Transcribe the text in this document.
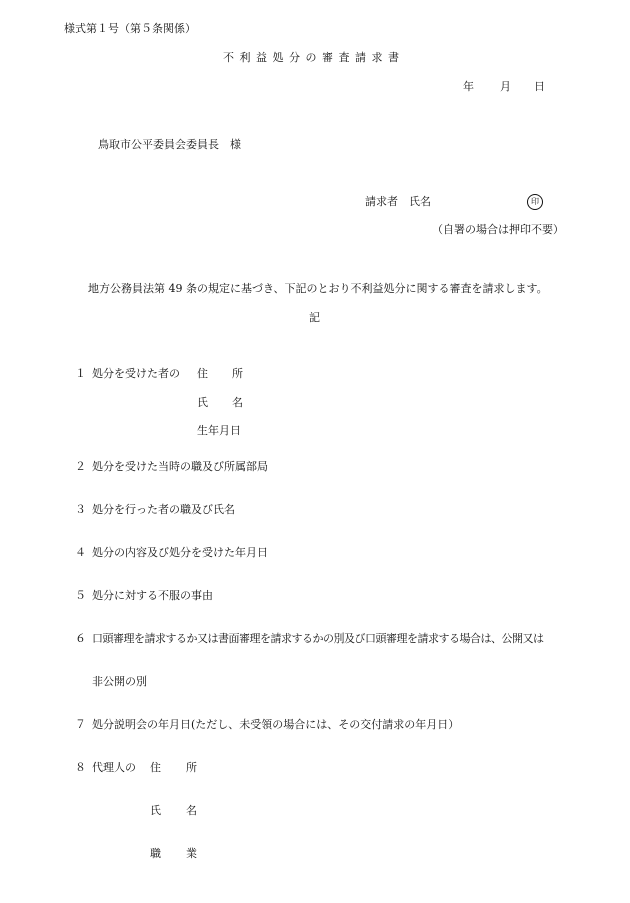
様式第１号（第５条関係）
不利益処分の審査請求書
年 月 日
鳥取市公平委員会委員長　様
請求者　氏名	印
（自署の場合は押印不要）
地方公務員法第 49 条の規定に基づき、下記のとおり不利益処分に関する審査を請求します。
記
１ 処分を受けた者の 住 所
氏 名
生年月日
２ 処分を受けた当時の職及び所属部局
３ 処分を行った者の職及び氏名
４ 処分の内容及び処分を受けた年月日
５ 処分に対する不服の事由
６ 口頭審理を請求するか又は書面審理を請求するかの別及び口頭審理を請求する場合は、公開又は
非公開の別
７ 処分説明会の年月日(ただし、未受領の場合には、その交付請求の年月日）
８ 代理人の 住 所
氏 名
職 業
